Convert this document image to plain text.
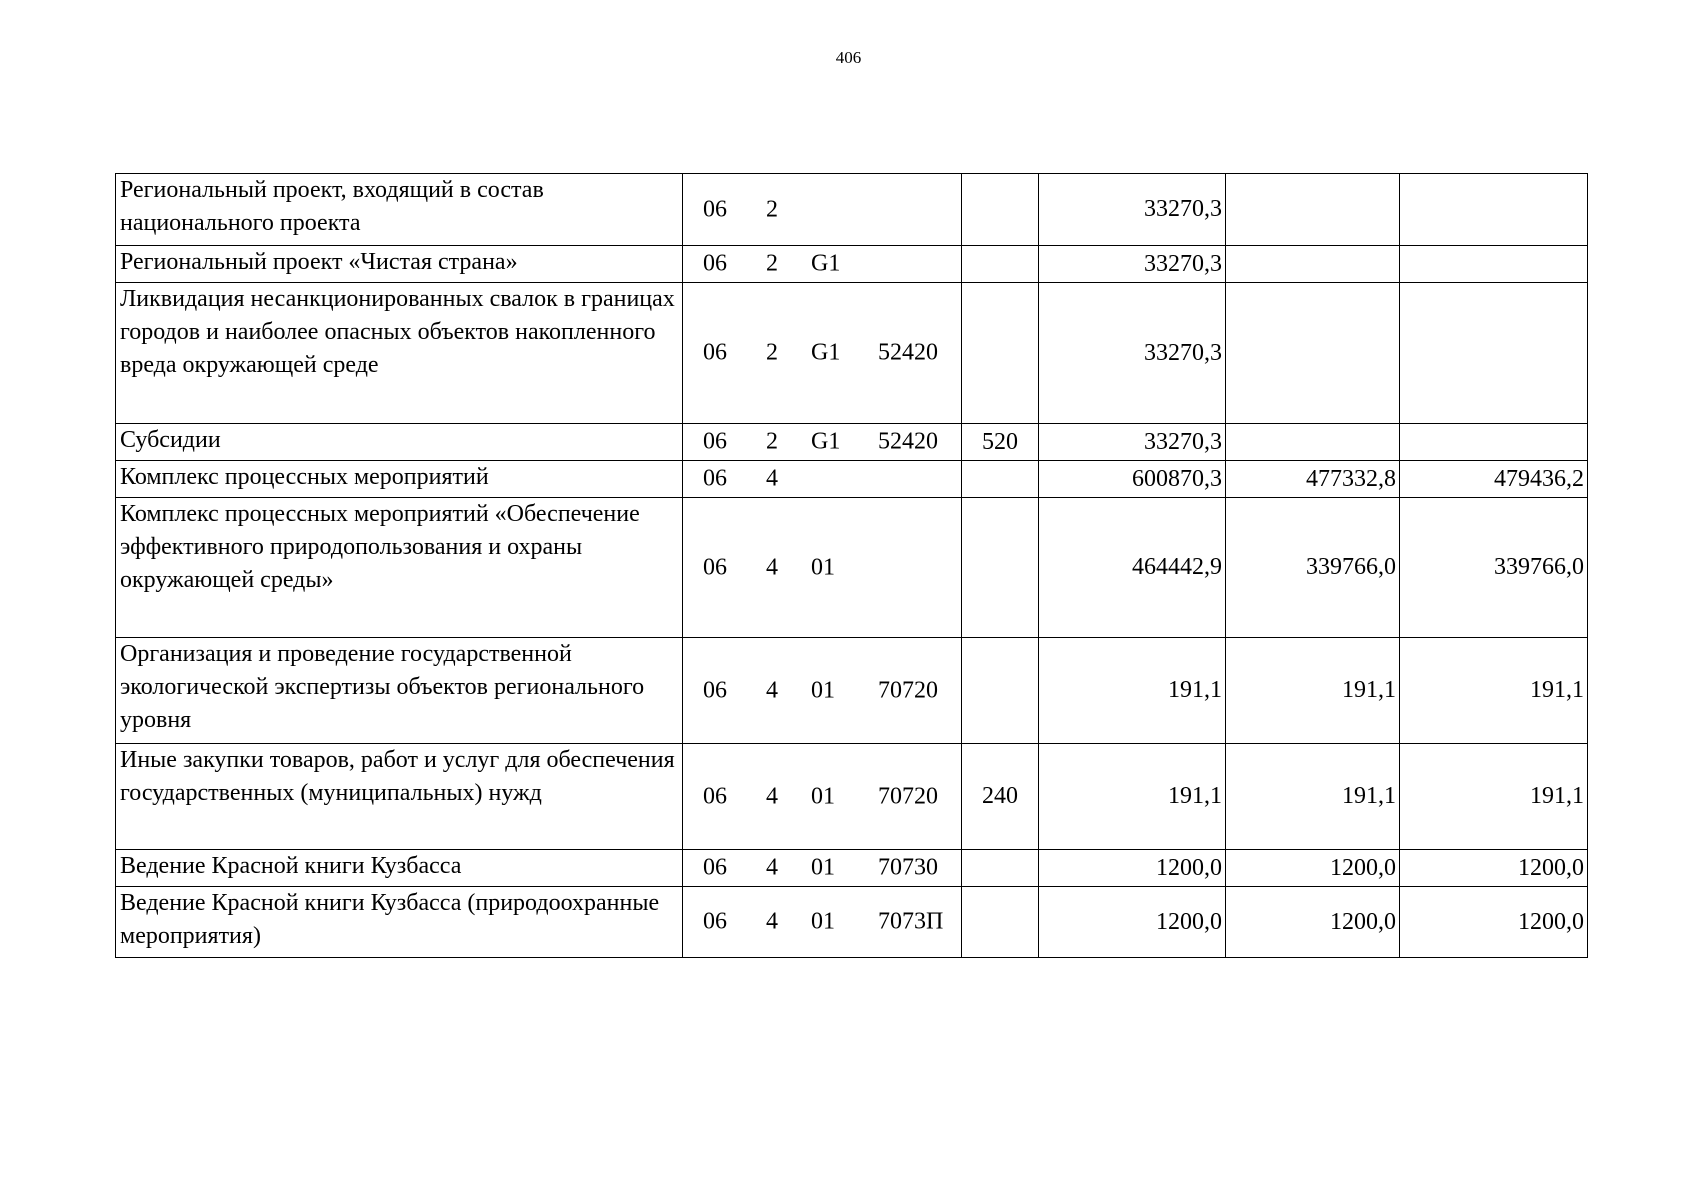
406
Региональный проект, входящий в состав национального проекта	06 2		33270,3		
Региональный проект «Чистая страна»	06 2 G1		33270,3		
Ликвидация несанкционированных свалок в границах городов и наиболее опасных объектов накопленного вреда окружающей среде	06 2 G1 52420		33270,3		
Субсидии	06 2 G1 52420	520	33270,3		
Комплекс процессных мероприятий	06 4		600870,3	477332,8	479436,2
Комплекс процессных мероприятий «Обеспечение эффективного природопользования и охраны окружающей среды»	06 4 01		464442,9	339766,0	339766,0
Организация и проведение государственной экологической экспертизы объектов регионального уровня	06 4 01 70720		191,1	191,1	191,1
Иные закупки товаров, работ и услуг для обеспечения государственных (муниципальных) нужд	06 4 01 70720	240	191,1	191,1	191,1
Ведение Красной книги Кузбасса	06 4 01 70730		1200,0	1200,0	1200,0
Ведение Красной книги Кузбасса (природоохранные мероприятия)	06 4 01 7073П		1200,0	1200,0	1200,0
